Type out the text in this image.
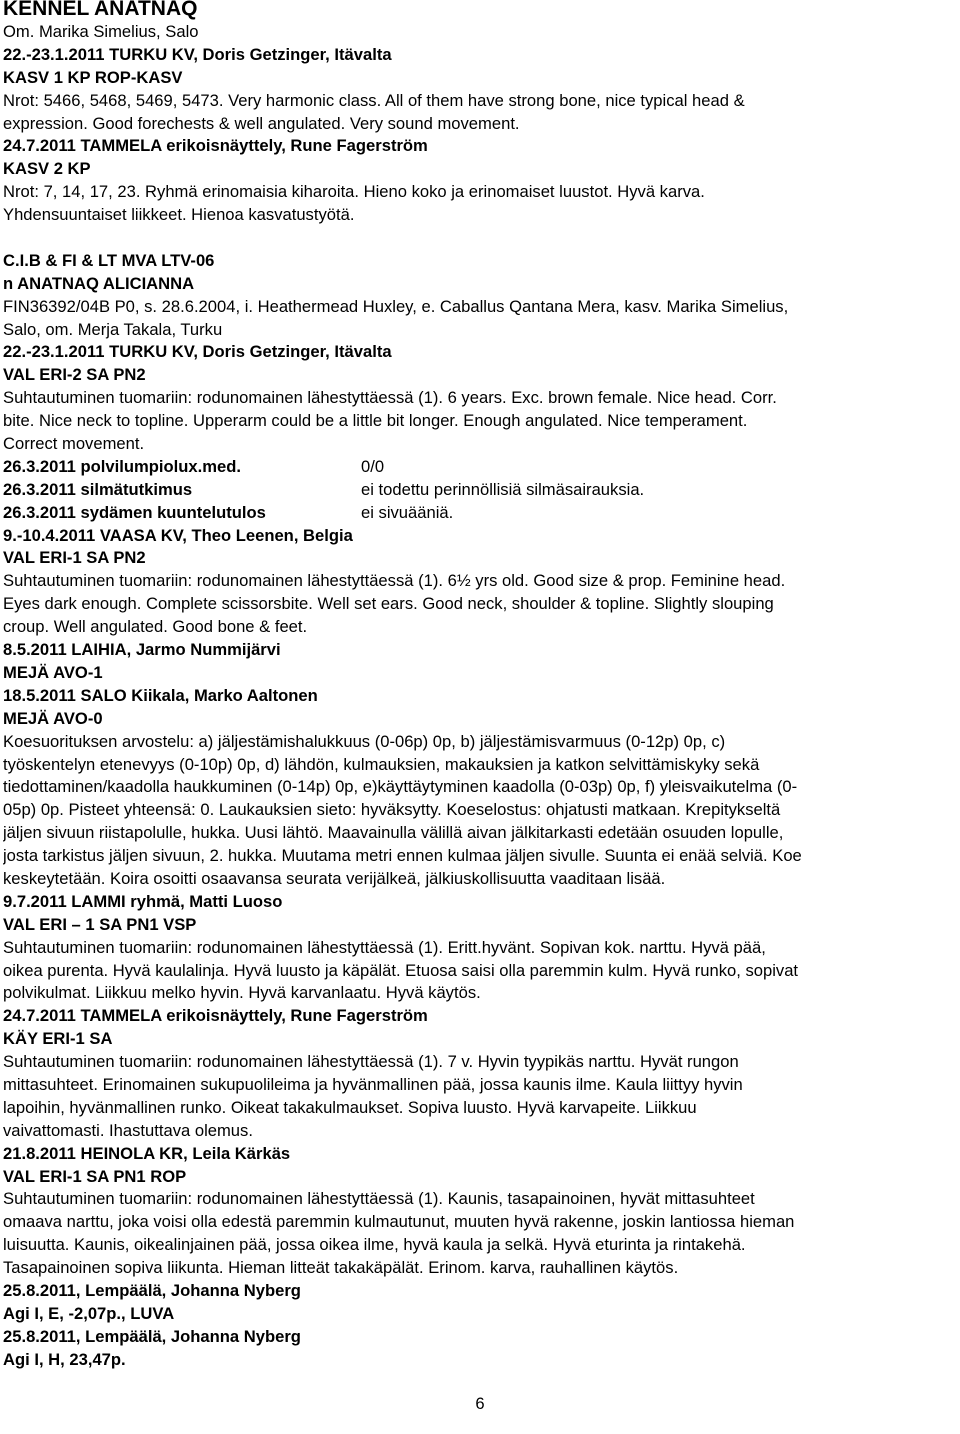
KENNEL ANATNAQ
Om. Marika Simelius, Salo
22.-23.1.2011 TURKU KV, Doris Getzinger, Itävalta
KASV 1 KP ROP-KASV
Nrot: 5466, 5468, 5469, 5473. Very harmonic class. All of them have strong bone, nice typical head &
expression. Good forechests & well angulated. Very sound movement.
24.7.2011 TAMMELA erikoisnäyttely, Rune Fagerström
KASV 2 KP
Nrot: 7, 14, 17, 23. Ryhmä erinomaisia kiharoita. Hieno koko ja erinomaiset luustot. Hyvä karva.
Yhdensuuntaiset liikkeet. Hienoa kasvatustyötä.
C.I.B & FI & LT MVA LTV-06
n ANATNAQ ALICIANNA
FIN36392/04B P0, s. 28.6.2004, i. Heathermead Huxley, e. Caballus Qantana Mera, kasv. Marika Simelius,
Salo, om. Merja Takala, Turku
22.-23.1.2011 TURKU KV, Doris Getzinger, Itävalta
VAL ERI-2 SA PN2
Suhtautuminen tuomariin: rodunomainen lähestyttäessä (1). 6 years. Exc. brown female. Nice head. Corr.
bite. Nice neck to topline. Upperarm could be a little bit longer. Enough angulated. Nice temperament.
Correct movement.
26.3.2011 polvilumpiolux.med.	0/0
26.3.2011 silmätutkimus	ei todettu perinnöllisiä silmäsairauksia.
26.3.2011 sydämen kuuntelutulos	ei sivuääniä.
9.-10.4.2011 VAASA KV, Theo Leenen, Belgia
VAL ERI-1 SA PN2
Suhtautuminen tuomariin: rodunomainen lähestyttäessä (1). 6½ yrs old. Good size & prop. Feminine head.
Eyes dark enough. Complete scissorsbite. Well set ears. Good neck, shoulder & topline. Slightly slouping
croup. Well angulated. Good bone & feet.
8.5.2011 LAIHIA, Jarmo Nummijärvi
MEJÄ AVO-1
18.5.2011 SALO Kiikala, Marko Aaltonen
MEJÄ AVO-0
Koesuorituksen arvostelu: a) jäljestämishalukkuus (0-06p) 0p, b) jäljestämisvarmuus (0-12p) 0p, c)
työskentelyn etenevyys (0-10p) 0p, d) lähdön, kulmauksien, makauksien ja katkon selvittämiskyky sekä
tiedottaminen/kaadolla haukkuminen (0-14p) 0p, e)käyttäytyminen kaadolla (0-03p) 0p, f) yleisvaikutelma (0-
05p) 0p. Pisteet yhteensä: 0. Laukauksien sieto: hyväksytty. Koeselostus: ohjatusti matkaan. Krepitykseltä
jäljen sivuun riistapolulle, hukka. Uusi lähtö. Maavainulla välillä aivan jälkitarkasti edetään osuuden lopulle,
josta tarkistus jäljen sivuun, 2. hukka. Muutama metri ennen kulmaa jäljen sivulle. Suunta ei enää selviä. Koe
keskeytetään. Koira osoitti osaavansa seurata verijälkeä, jälkiuskollisuutta vaaditaan lisää.
9.7.2011 LAMMI ryhmä, Matti Luoso
VAL ERI – 1 SA PN1 VSP
Suhtautuminen tuomariin: rodunomainen lähestyttäessä (1). Eritt.hyvänt. Sopivan kok. narttu. Hyvä pää,
oikea purenta. Hyvä kaulalinja. Hyvä luusto ja käpälät. Etuosa saisi olla paremmin kulm. Hyvä runko, sopivat
polvikulmat. Liikkuu melko hyvin. Hyvä karvanlaatu. Hyvä käytös.
24.7.2011 TAMMELA erikoisnäyttely, Rune Fagerström
KÄY ERI-1 SA
Suhtautuminen tuomariin: rodunomainen lähestyttäessä (1). 7 v. Hyvin tyypikäs narttu. Hyvät rungon
mittasuhteet. Erinomainen sukupuolileima ja hyvänmallinen pää, jossa kaunis ilme. Kaula liittyy hyvin
lapoihin, hyvänmallinen runko. Oikeat takakulmaukset. Sopiva luusto. Hyvä karvapeite. Liikkuu
vaivattomasti. Ihastuttava olemus.
21.8.2011 HEINOLA KR, Leila Kärkäs
VAL ERI-1 SA PN1 ROP
Suhtautuminen tuomariin: rodunomainen lähestyttäessä (1). Kaunis, tasapainoinen, hyvät mittasuhteet
omaava narttu, joka voisi olla edestä paremmin kulmautunut, muuten hyvä rakenne, joskin lantiossa hieman
luisuutta. Kaunis, oikealinjainen pää, jossa oikea ilme, hyvä kaula ja selkä. Hyvä eturinta ja rintakehä.
Tasapainoinen sopiva liikunta. Hieman litteät takakäpälät. Erinom. karva, rauhallinen käytös.
25.8.2011, Lempäälä, Johanna Nyberg
Agi I, E, -2,07p., LUVA
25.8.2011, Lempäälä, Johanna Nyberg
Agi I, H, 23,47p.
6
